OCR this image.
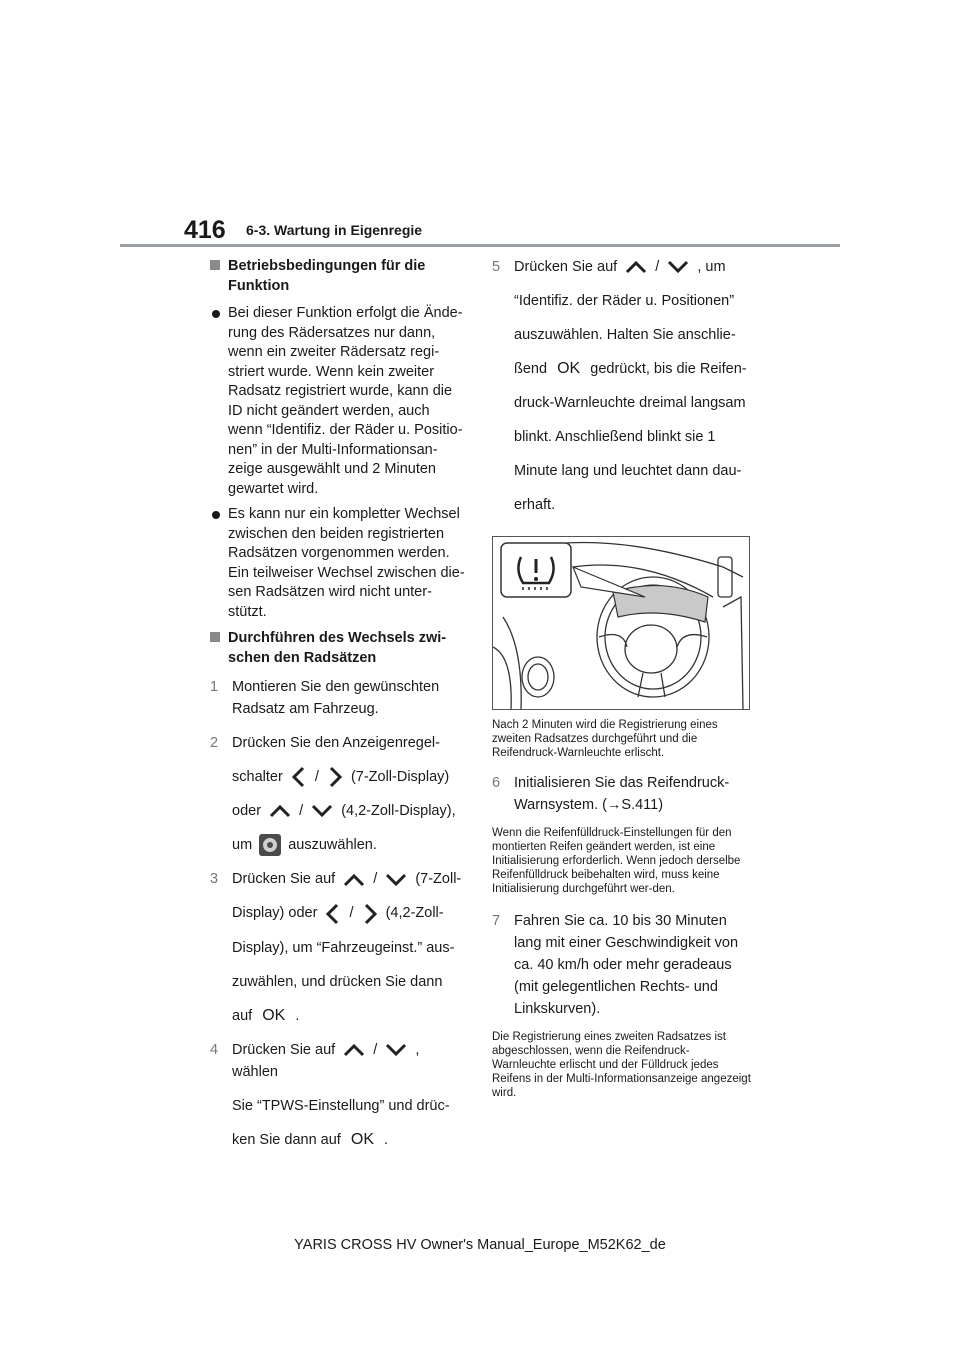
416 6-3. Wartung in Eigenregie
Betriebsbedingungen für die Funktion
Bei dieser Funktion erfolgt die Ände-rung des Rädersatzes nur dann, wenn ein zweiter Rädersatz regi-striert wurde. Wenn kein zweiter Radsatz registriert wurde, kann die ID nicht geändert werden, auch wenn “Identifiz. der Räder u. Positio-nen” in der Multi-Informationsan-zeige ausgewählt und 2 Minuten gewartet wird.
Es kann nur ein kompletter Wechsel zwischen den beiden registrierten Radsätzen vorgenommen werden. Ein teilweiser Wechsel zwischen die-sen Radsätzen wird nicht unter-stützt.
Durchführen des Wechsels zwi-schen den Radsätzen
1 Montieren Sie den gewünschten
Radsatz am Fahrzeug.
2 Drücken Sie den Anzeigenregel-
schalter / (7-Zoll-Display)
oder	/	(4,2-Zoll-Display),
um auszuwählen.
3 Drücken Sie auf	/	(7-Zoll-
Display) oder / (4,2-Zoll-
Display), um “Fahrzeugeinst.” aus-
zuwählen, und drücken Sie dann
auf OK .
4 Drücken Sie auf	/	, wählen
Sie “TPWS-Einstellung” und drüc-
ken Sie dann auf OK .
5 Drücken Sie auf	/	, um
“Identifiz. der Räder u. Positionen”
auszuwählen. Halten Sie anschlie-
ßend OK gedrückt, bis die Reifen-
druck-Warnleuchte dreimal langsam
blinkt. Anschließend blinkt sie 1
Minute lang und leuchtet dann dau-
erhaft.
Nach 2 Minuten wird die Registrierung eines zweiten Radsatzes durchgeführt und die Reifendruck-Warnleuchte erlischt.
6 Initialisieren Sie das Reifendruck-
Warnsystem. (→S.411)
Wenn die Reifenfülldruck-Einstellungen für den montierten Reifen geändert werden, ist eine Initialisierung erforderlich. Wenn jedoch derselbe Reifenfülldruck beibehalten wird, muss keine Initialisierung durchgeführt wer-den.
7 Fahren Sie ca. 10 bis 30 Minuten
lang mit einer Geschwindigkeit von
ca. 40 km/h oder mehr geradeaus
(mit gelegentlichen Rechts- und
Linkskurven).
Die Registrierung eines zweiten Radsatzes ist abgeschlossen, wenn die Reifendruck-Warnleuchte erlischt und der Fülldruck jedes Reifens in der Multi-Informationsanzeige angezeigt wird.
YARIS CROSS HV Owner's Manual_Europe_M52K62_de
